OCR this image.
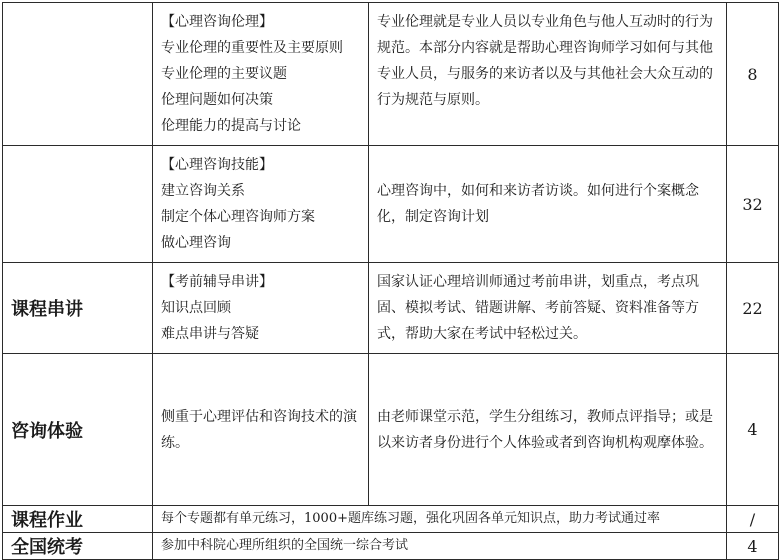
	【心理咨询伦理】
专业伦理的重要性及主要原则
专业伦理的主要议题
伦理问题如何决策
伦理能力的提高与讨论	专业伦理就是专业人员以专业角色与他人互动时的行为规范。本部分内容就是帮助心理咨询师学习如何与其他专业人员，与服务的来访者以及与其他社会大众互动的行为规范与原则。	8

	【心理咨询技能】
建立咨询关系
制定个体心理咨询师方案
做心理咨询	心理咨询中，如何和来访者访谈。如何进行个案概念化，制定咨询计划	32
课程串讲	【考前辅导串讲】
知识点回顾
难点串讲与答疑	国家认证心理培训师通过考前串讲，划重点，考点巩固、模拟考试、错题讲解、考前答疑、资料准备等方式，帮助大家在考试中轻松过关。	22
咨询体验	侧重于心理评估和咨询技术的演练。	由老师课堂示范，学生分组练习，教师点评指导；或是以来访者身份进行个人体验或者到咨询机构观摩体验。	4
课程作业	每个专题都有单元练习，1000+题库练习题，强化巩固各单元知识点，助力考试通过率		/
全国统考	参加中科院心理所组织的全国统一综合考试		4
